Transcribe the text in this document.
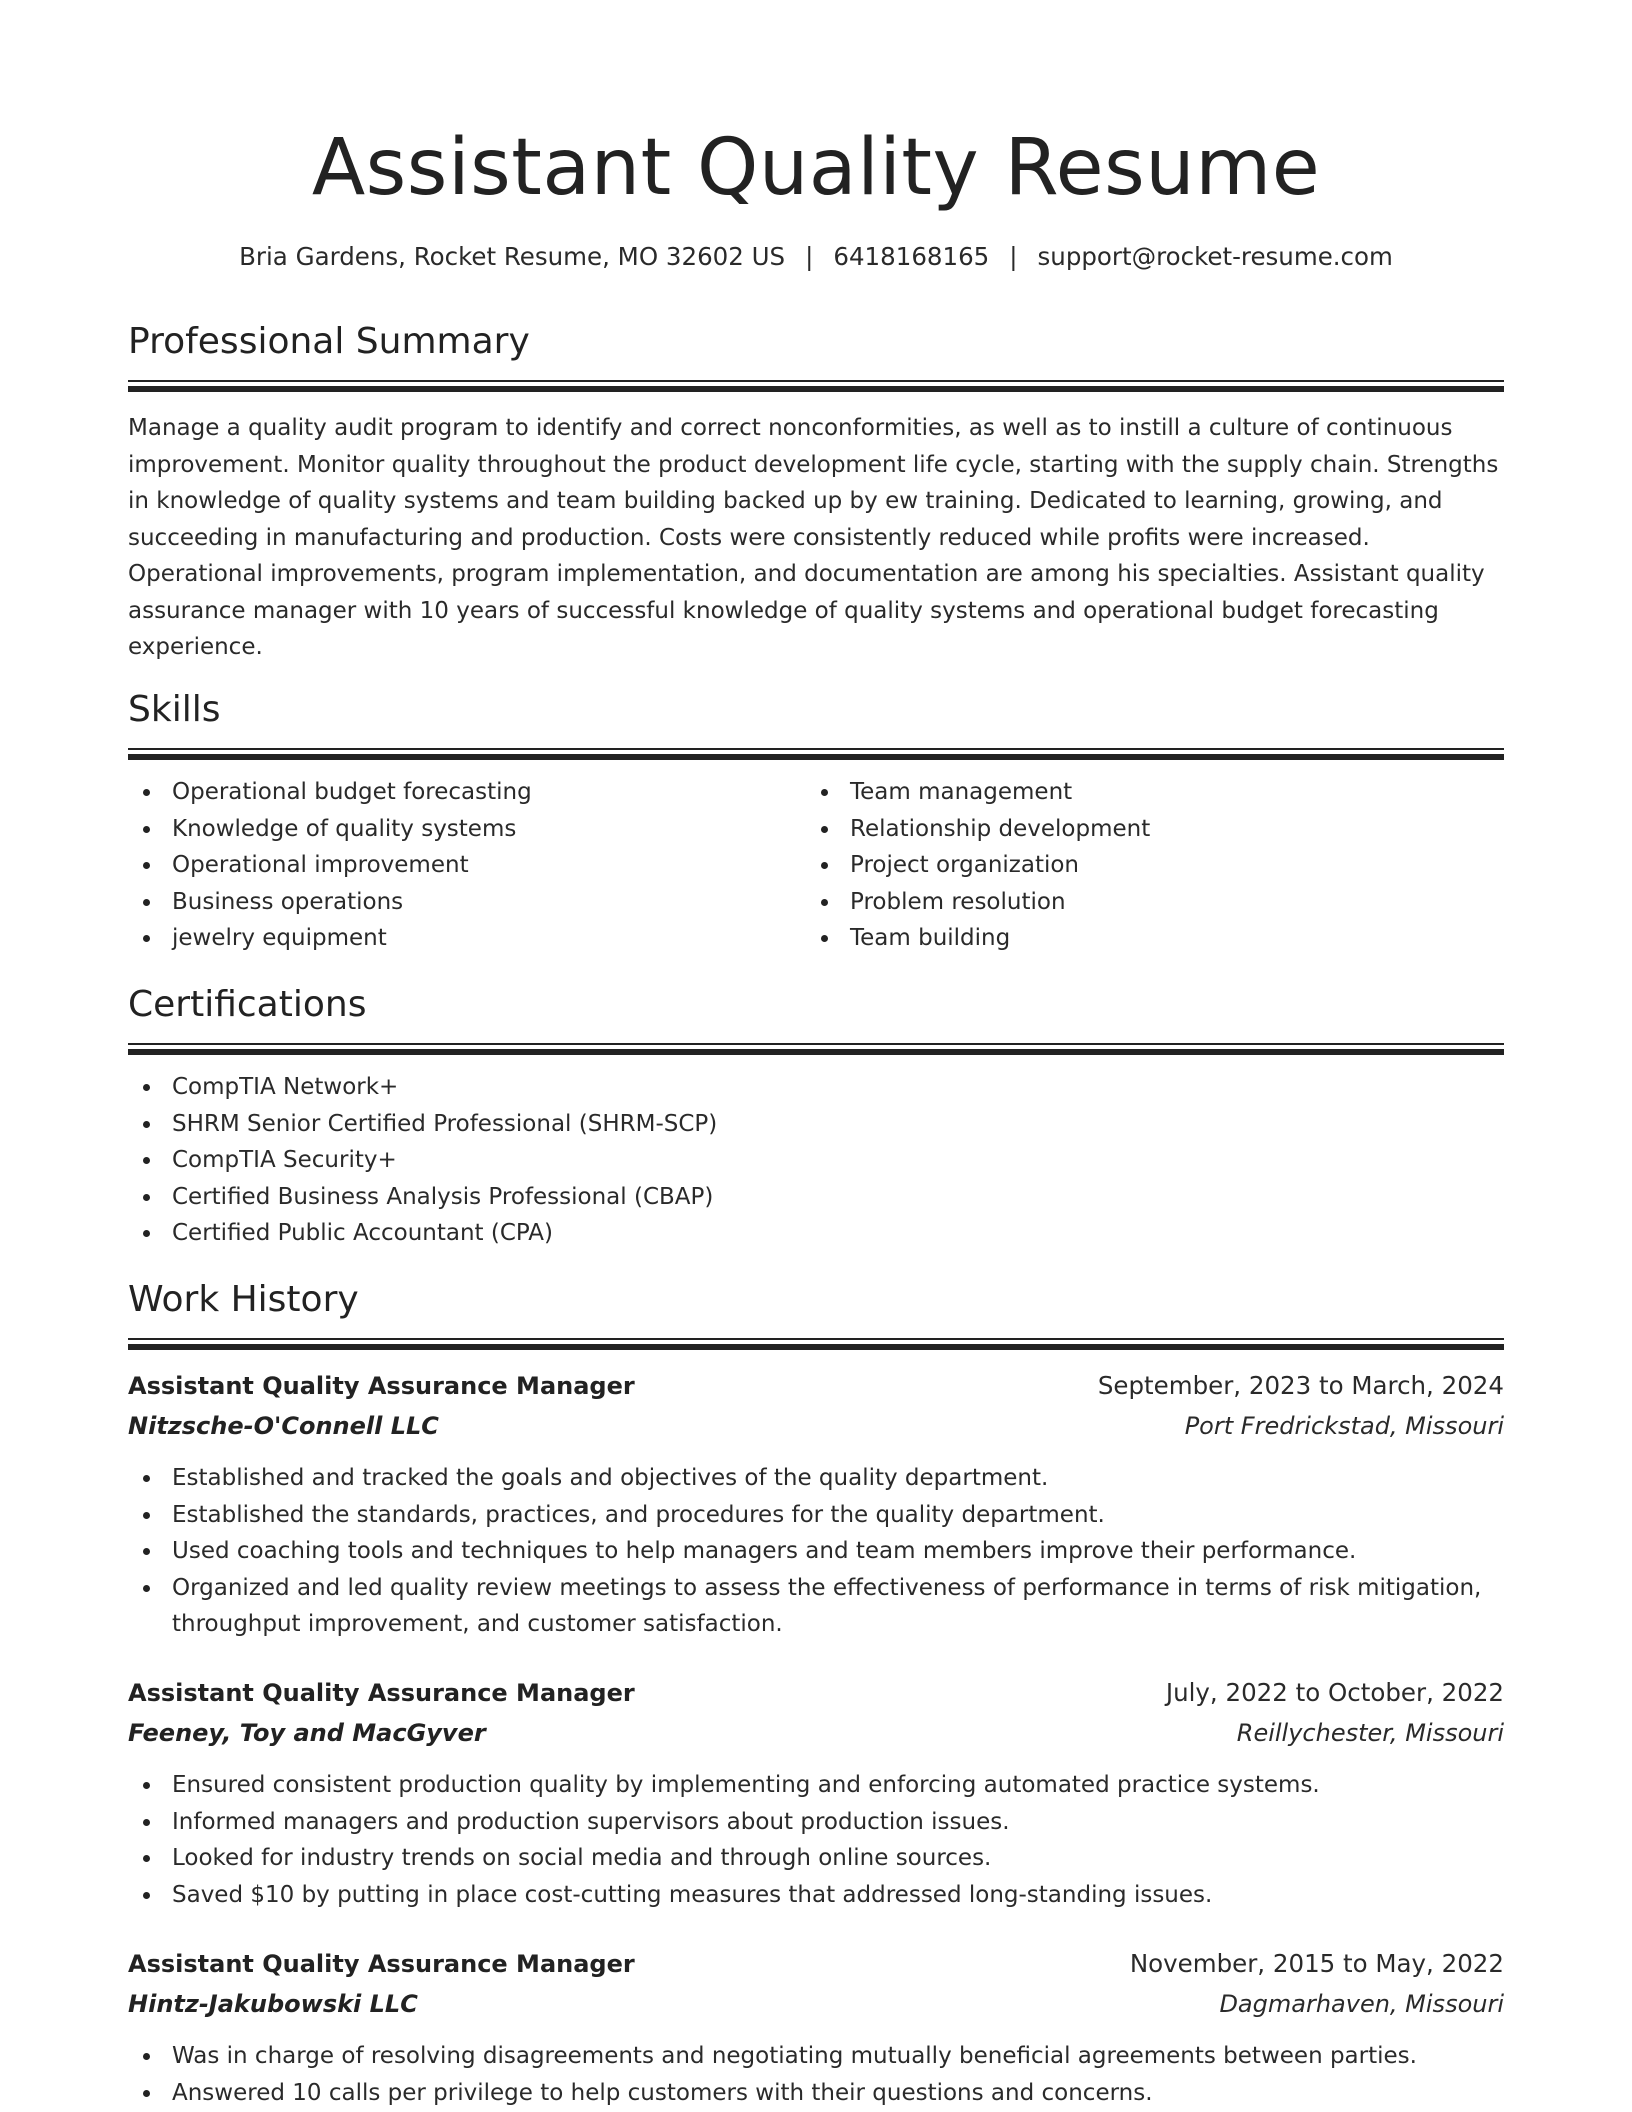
Assistant Quality Resume
Bria Gardens, Rocket Resume, MO 32602 US | 6418168165 | support@rocket-resume.com
Professional Summary

Manage a quality audit program to identify and correct nonconformities, as well as to instill a culture of continuous improvement. Monitor quality throughout the product development life cycle, starting with the supply chain. Strengths in knowledge of quality systems and team building backed up by ew training. Dedicated to learning, growing, and succeeding in manufacturing and production. Costs were consistently reduced while profits were increased. Operational improvements, program implementation, and documentation are among his specialties. Assistant quality assurance manager with 10 years of successful knowledge of quality systems and operational budget forecasting experience.

Skills
Operational budget forecasting
Knowledge of quality systems
Operational improvement
Business operations
jewelry equipment
Team management
Relationship development
Project organization
Problem resolution
Team building
Certifications
CompTIA Network+
SHRM Senior Certified Professional (SHRM-SCP)
CompTIA Security+
Certified Business Analysis Professional (CBAP)
Certified Public Accountant (CPA)
Work History
Assistant Quality Assurance Manager	September, 2023 to March, 2024
Nitzsche-O'Connell LLC	Port Fredrickstad, Missouri
Established and tracked the goals and objectives of the quality department.
Established the standards, practices, and procedures for the quality department.
Used coaching tools and techniques to help managers and team members improve their performance.
Organized and led quality review meetings to assess the effectiveness of performance in terms of risk mitigation, throughput improvement, and customer satisfaction.
Assistant Quality Assurance Manager	July, 2022 to October, 2022
Feeney, Toy and MacGyver	Reillychester, Missouri
Ensured consistent production quality by implementing and enforcing automated practice systems.
Informed managers and production supervisors about production issues.
Looked for industry trends on social media and through online sources.
Saved $10 by putting in place cost-cutting measures that addressed long-standing issues.
Assistant Quality Assurance Manager	November, 2015 to May, 2022
Hintz-Jakubowski LLC	Dagmarhaven, Missouri
Was in charge of resolving disagreements and negotiating mutually beneficial agreements between parties.
Answered 10 calls per privilege to help customers with their questions and concerns.
